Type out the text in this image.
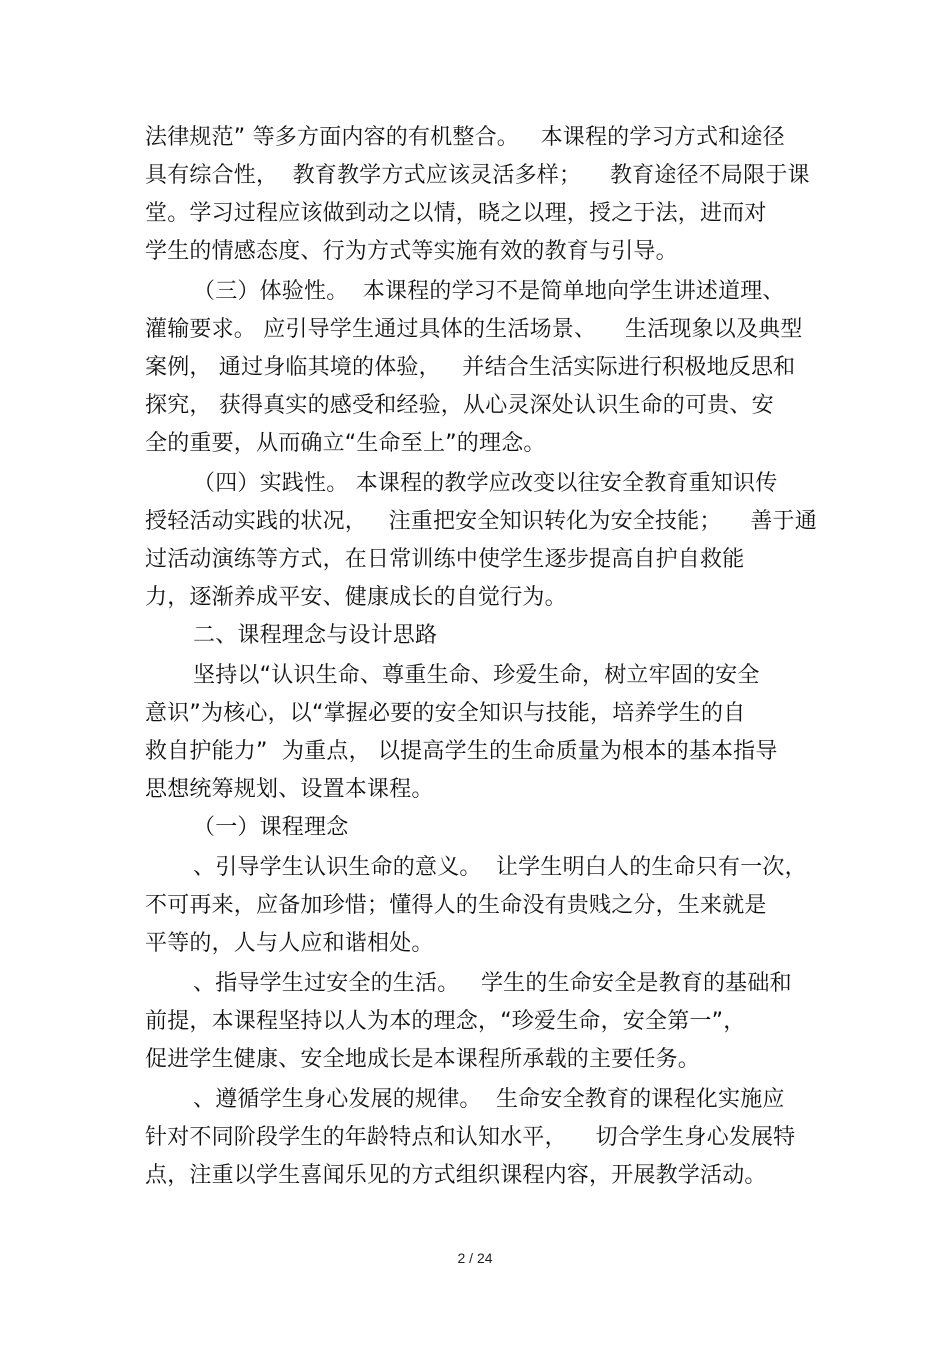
法律规范” 等多方面内容的有机整合。   本课程的学习方式和途径
具有综合性，  教育教学方式应该灵活多样；    教育途径不局限于课
堂。学习过程应该做到动之以情，晓之以理，授之于法，进而对
学生的情感态度、行为方式等实施有效的教育与引导。
（三）体验性。  本课程的学习不是简单地向学生讲述道理、
灌输要求。 应引导学生通过具体的生活场景、    生活现象以及典型
案例， 通过身临其境的体验，   并结合生活实际进行积极地反思和
探究， 获得真实的感受和经验，从心灵深处认识生命的可贵、安
全的重要，从而确立“生命至上”的理念。
（四）实践性。 本课程的教学应改变以往安全教育重知识传
授轻活动实践的状况，   注重把安全知识转化为安全技能；    善于通
过活动演练等方式，在日常训练中使学生逐步提高自护自救能
力，逐渐养成平安、健康成长的自觉行为。
二、课程理念与设计思路
坚持以“认识生命、尊重生命、珍爱生命，树立牢固的安全
意识”为核心，以“掌握必要的安全知识与技能，培养学生的自
救自护能力”  为重点， 以提高学生的生命质量为根本的基本指导
思想统筹规划、设置本课程。
（一）课程理念
、引导学生认识生命的意义。  让学生明白人的生命只有一次，
不可再来，应备加珍惜；懂得人的生命没有贵贱之分，生来就是
平等的，人与人应和谐相处。
、指导学生过安全的生活。   学生的生命安全是教育的基础和
前提，本课程坚持以人为本的理念，“珍爱生命，安全第一”，
促进学生健康、安全地成长是本课程所承载的主要任务。
、遵循学生身心发展的规律。  生命安全教育的课程化实施应
针对不同阶段学生的年龄特点和认知水平，    切合学生身心发展特
点，注重以学生喜闻乐见的方式组织课程内容，开展教学活动。
2 / 24
